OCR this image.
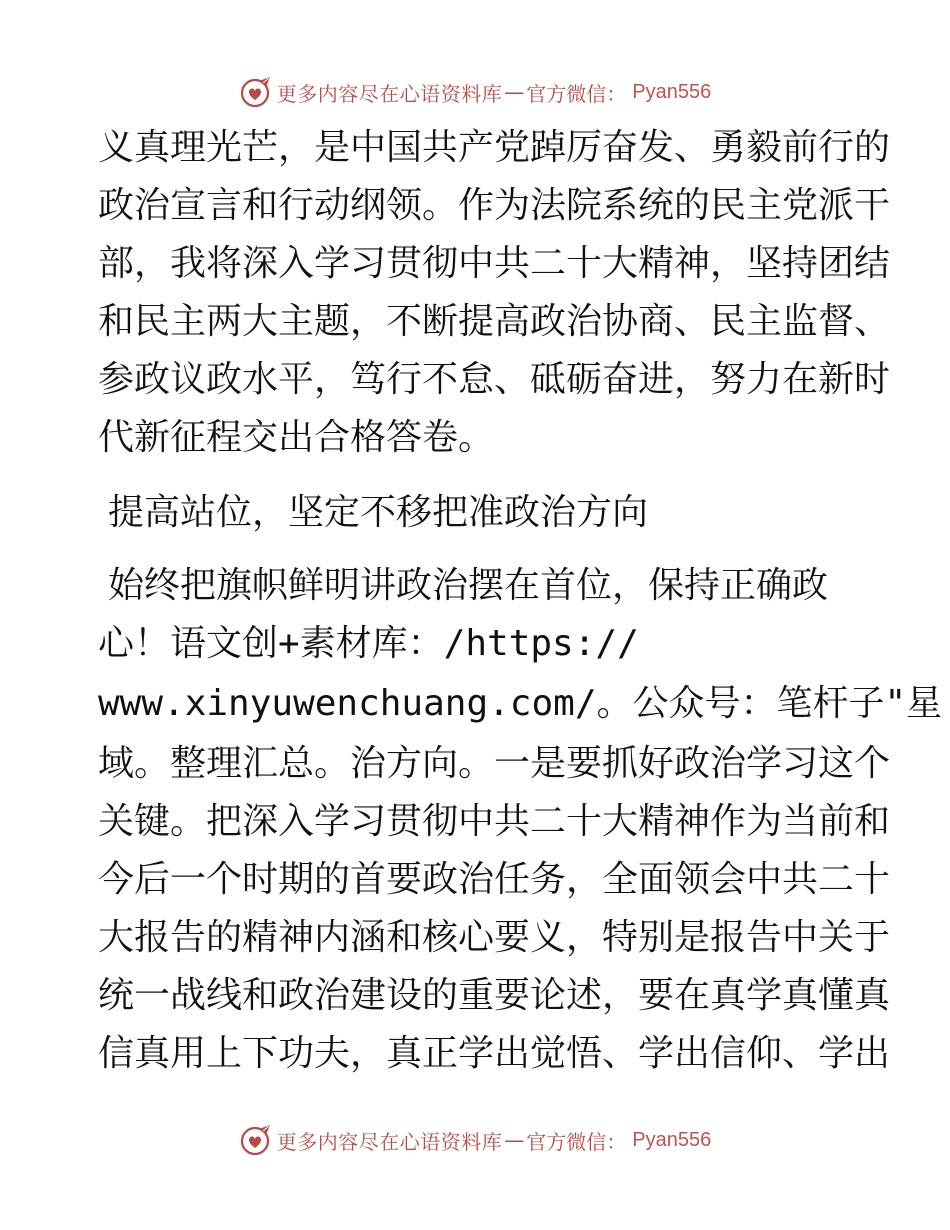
更多内容尽在心语资料库 — 官方微信： Pyan556
义真理光芒，是中国共产党踔厉奋发、勇毅前行的
政治宣言和行动纲领。作为法院系统的民主党派干
部，我将深入学习贯彻中共二十大精神，坚持团结
和民主两大主题，不断提高政治协商、民主监督、
参政议政水平，笃行不怠、砥砺奋进，努力在新时
代新征程交出合格答卷。
提高站位，坚定不移把准政治方向
始终把旗帜鲜明讲政治摆在首位，保持正确政
心！语文创+素材库：/https://
www.xinyuwenchuang.com/。公众号：笔杆子"星
域。整理汇总。治方向。一是要抓好政治学习这个
关键。把深入学习贯彻中共二十大精神作为当前和
今后一个时期的首要政治任务，全面领会中共二十
大报告的精神内涵和核心要义，特别是报告中关于
统一战线和政治建设的重要论述，要在真学真懂真
信真用上下功夫，真正学出觉悟、学出信仰、学出
更多内容尽在心语资料库 — 官方微信： Pyan556
